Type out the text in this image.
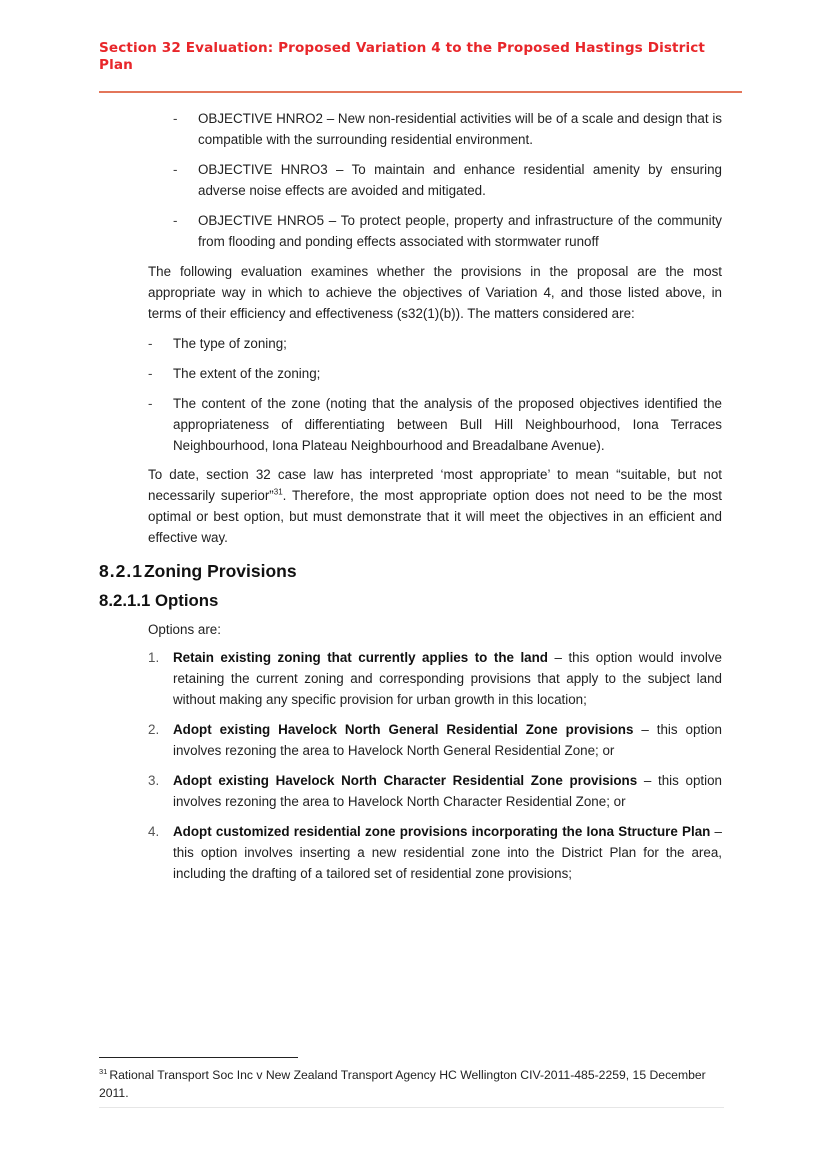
Section 32 Evaluation: Proposed Variation 4 to the Proposed Hastings District Plan
-	OBJECTIVE HNRO2 – New non-residential activities will be of a scale and design that is compatible with the surrounding residential environment.
-	OBJECTIVE HNRO3 – To maintain and enhance residential amenity by ensuring adverse noise effects are avoided and mitigated.
-	OBJECTIVE HNRO5 – To protect people, property and infrastructure of the community from flooding and ponding effects associated with stormwater runoff

The following evaluation examines whether the provisions in the proposal are the most appropriate way in which to achieve the objectives of Variation 4, and those listed above, in terms of their efficiency and effectiveness (s32(1)(b)). The matters considered are:

-	The type of zoning;
-	The extent of the zoning;
-	The content of the zone (noting that the analysis of the proposed objectives identified the appropriateness of differentiating between Bull Hill Neighbourhood, Iona Terraces Neighbourhood, Iona Plateau Neighbourhood and Breadalbane Avenue).

To date, section 32 case law has interpreted ‘most appropriate’ to mean “suitable, but not necessarily superior”$^{31}$. Therefore, the most appropriate option does not need to be the most optimal or best option, but must demonstrate that it will meet the objectives in an efficient and effective way.

8.2.1Zoning Provisions
8.2.1.1 Options

Options are:

1. Retain existing zoning that currently applies to the land – this option would involve retaining the current zoning and corresponding provisions that apply to the subject land without making any specific provision for urban growth in this location;
2. Adopt existing Havelock North General Residential Zone provisions – this option involves rezoning the area to Havelock North General Residential Zone; or
3. Adopt existing Havelock North Character Residential Zone provisions – this option involves rezoning the area to Havelock North Character Residential Zone; or
4. Adopt customized residential zone provisions incorporating the Iona Structure Plan – this option involves inserting a new residential zone into the District Plan for the area, including the drafting of a tailored set of residential zone provisions;

$^{31}$ Rational Transport Soc Inc v New Zealand Transport Agency HC Wellington CIV-2011-485-2259, 15 December 2011.
